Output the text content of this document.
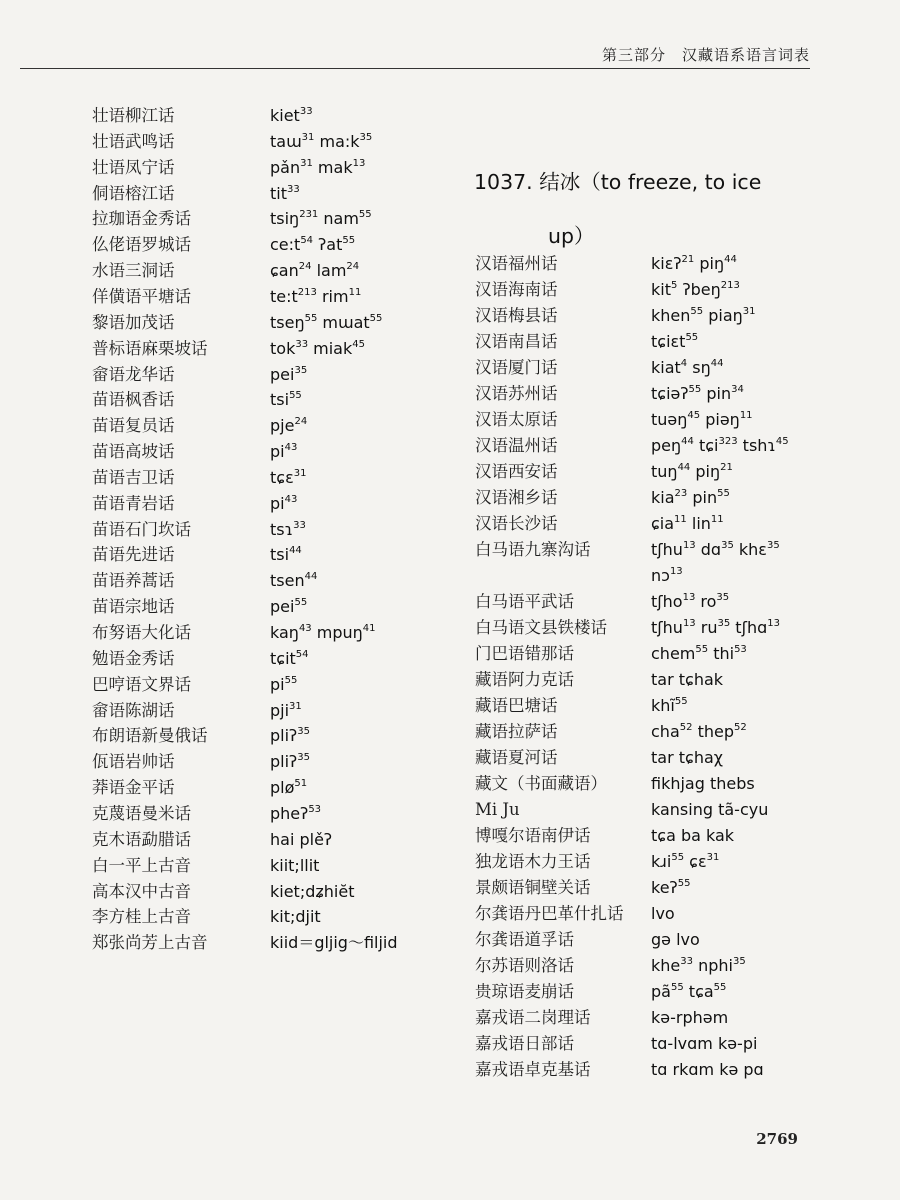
第三部分　汉藏语系语言词表
壮语柳江话	kiet$^{33}$
壮语武鸣话	taɯ$^{31}$ $ma:k^{35}$
壮语凤宁话	pǎn$^{31}$ mak$^{13}$
侗语榕江话	tit$^{33}$
拉珈语金秀话	tsiŋ$^{231}$ nam$^{55}$
仫佬语罗城话	$ce:t^{54}$ ʔat$^{55}$
水语三洞话	ɕan$^{24}$ lam$^{24}$
佯僙语平塘话	$te:t^{213}$ rim$^{11}$
黎语加茂话	tseŋ$^{55}$ mɯat$^{55}$
普标语麻栗坡话	tok$^{33}$ miak$^{45}$
畲语龙华话	pei$^{35}$
苗语枫香话	tsi$^{55}$
苗语复员话	pje$^{24}$
苗语高坡话	$pi^{43}$
苗语吉卫话	tɕɛ$^{31}$
苗语青岩话	$pi^{43}$
苗语石门坎话	tsɿ$^{33}$
苗语先进话	tsi$^{44}$
苗语养蒿话	tsen$^{44}$
苗语宗地话	pei$^{55}$
布努语大化话	kaŋ$^{43}$ mpuŋ$^{41}$
勉语金秀话	tɕit$^{54}$
巴哼语文界话	$pi^{55}$
畲语陈湖话	pji$^{31}$
布朗语新曼俄话	pliʔ$^{35}$
佤语岩帅话	pliʔ$^{35}$
莽语金平话	plø$^{51}$
克蔑语曼米话	pheʔ$^{53}$
克木语勐腊话	hai plěʔ
白一平上古音	kiit;llit
高本汉中古音	kiet;dʑhiĕt
李方桂上古音	kit;djit
郑张尚芳上古音	kiid＝gljig～filjid
1037. 结冰（to freeze, to ice
up）
汉语福州话	kiɛʔ$^{21}$ piŋ$^{44}$
汉语海南话	kit$^5$ ʔbeŋ$^{213}$
汉语梅县话	khen$^{55}$ piaŋ$^{31}$
汉语南昌话	tɕiɛt$^{55}$
汉语厦门话	kiat$^4$ $sŋ^{44}$
汉语苏州话	tɕiəʔ$^{55}$ pin$^{34}$
汉语太原话	tuəŋ$^{45}$ piəŋ$^{11}$
汉语温州话	peŋ$^{44}$ tɕi$^{323}$ tshɿ$^{45}$
汉语西安话	tuŋ$^{44}$ piŋ$^{21}$
汉语湘乡话	kia$^{23}$ pin$^{55}$
汉语长沙话	ɕia$^{11}$ lin$^{11}$
白马语九寨沟话	tʃhu$^{13}$ dɑ$^{35}$ khɛ$^{35}$
nɔ$^{13}$
白马语平武话	tʃho$^{13}$ $ro^{35}$
白马语文县铁楼话	tʃhu$^{13}$ $ru^{35}$ tʃhɑ$^{13}$
门巴语错那话	chem$^{55}$ thi$^{53}$
藏语阿力克话	tar tɕhak
藏语巴塘话	khĩ$^{55}$
藏语拉萨话	cha$^{52}$ thep$^{52}$
藏语夏河话	tar tɕhaχ
藏文（书面藏语）	fikhjag thebs
Mi Ju	kansing tã-cyu
博嘎尔语南伊话	tɕa ba kak
独龙语木力王话	kɹi$^{55}$ ɕɛ$^{31}$
景颇语铜壁关话	keʔ$^{55}$
尔龚语丹巴革什扎话 lvo
尔龚语道孚话	gə lvo
尔苏语则洛话	khe$^{33}$ nphi$^{35}$
贵琼语麦崩话	$pã^{55}$ tɕa$^{55}$
嘉戎语二岗理话	kə-rphəm
嘉戎语日部话	tɑ-lvɑm kə-pi
嘉戎语卓克基话	tɑ rkɑm kə pɑ
2769
